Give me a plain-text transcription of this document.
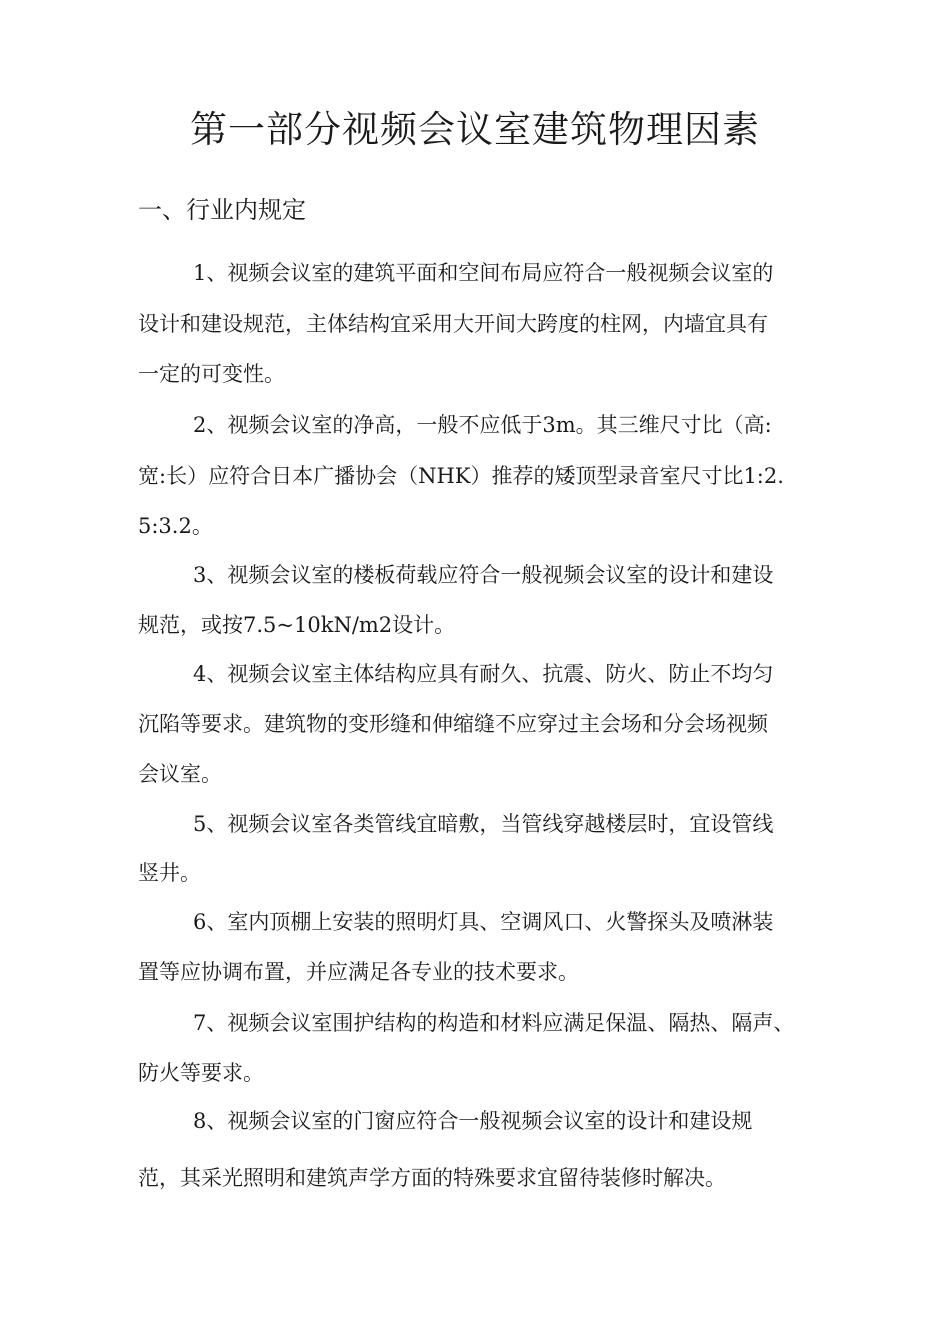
第一部分视频会议室建筑物理因素
一、行业内规定
1、视频会议室的建筑平面和空间布局应符合一般视频会议室的
设计和建设规范，主体结构宜采用大开间大跨度的柱网，内墙宜具有
一定的可变性。
2、视频会议室的净高，一般不应低于3m。其三维尺寸比（高:
宽:长）应符合日本广播协会（NHK）推荐的矮顶型录音室尺寸比1:2.
5:3.2。
3、视频会议室的楼板荷载应符合一般视频会议室的设计和建设
规范，或按7.5~10kN/m2设计。
4、视频会议室主体结构应具有耐久、抗震、防火、防止不均匀
沉陷等要求。建筑物的变形缝和伸缩缝不应穿过主会场和分会场视频
会议室。
5、视频会议室各类管线宜暗敷，当管线穿越楼层时，宜设管线
竖井。
6、室内顶棚上安装的照明灯具、空调风口、火警探头及喷淋装
置等应协调布置，并应满足各专业的技术要求。
7、视频会议室围护结构的构造和材料应满足保温、隔热、隔声、
防火等要求。
8、视频会议室的门窗应符合一般视频会议室的设计和建设规
范，其采光照明和建筑声学方面的特殊要求宜留待装修时解决。
